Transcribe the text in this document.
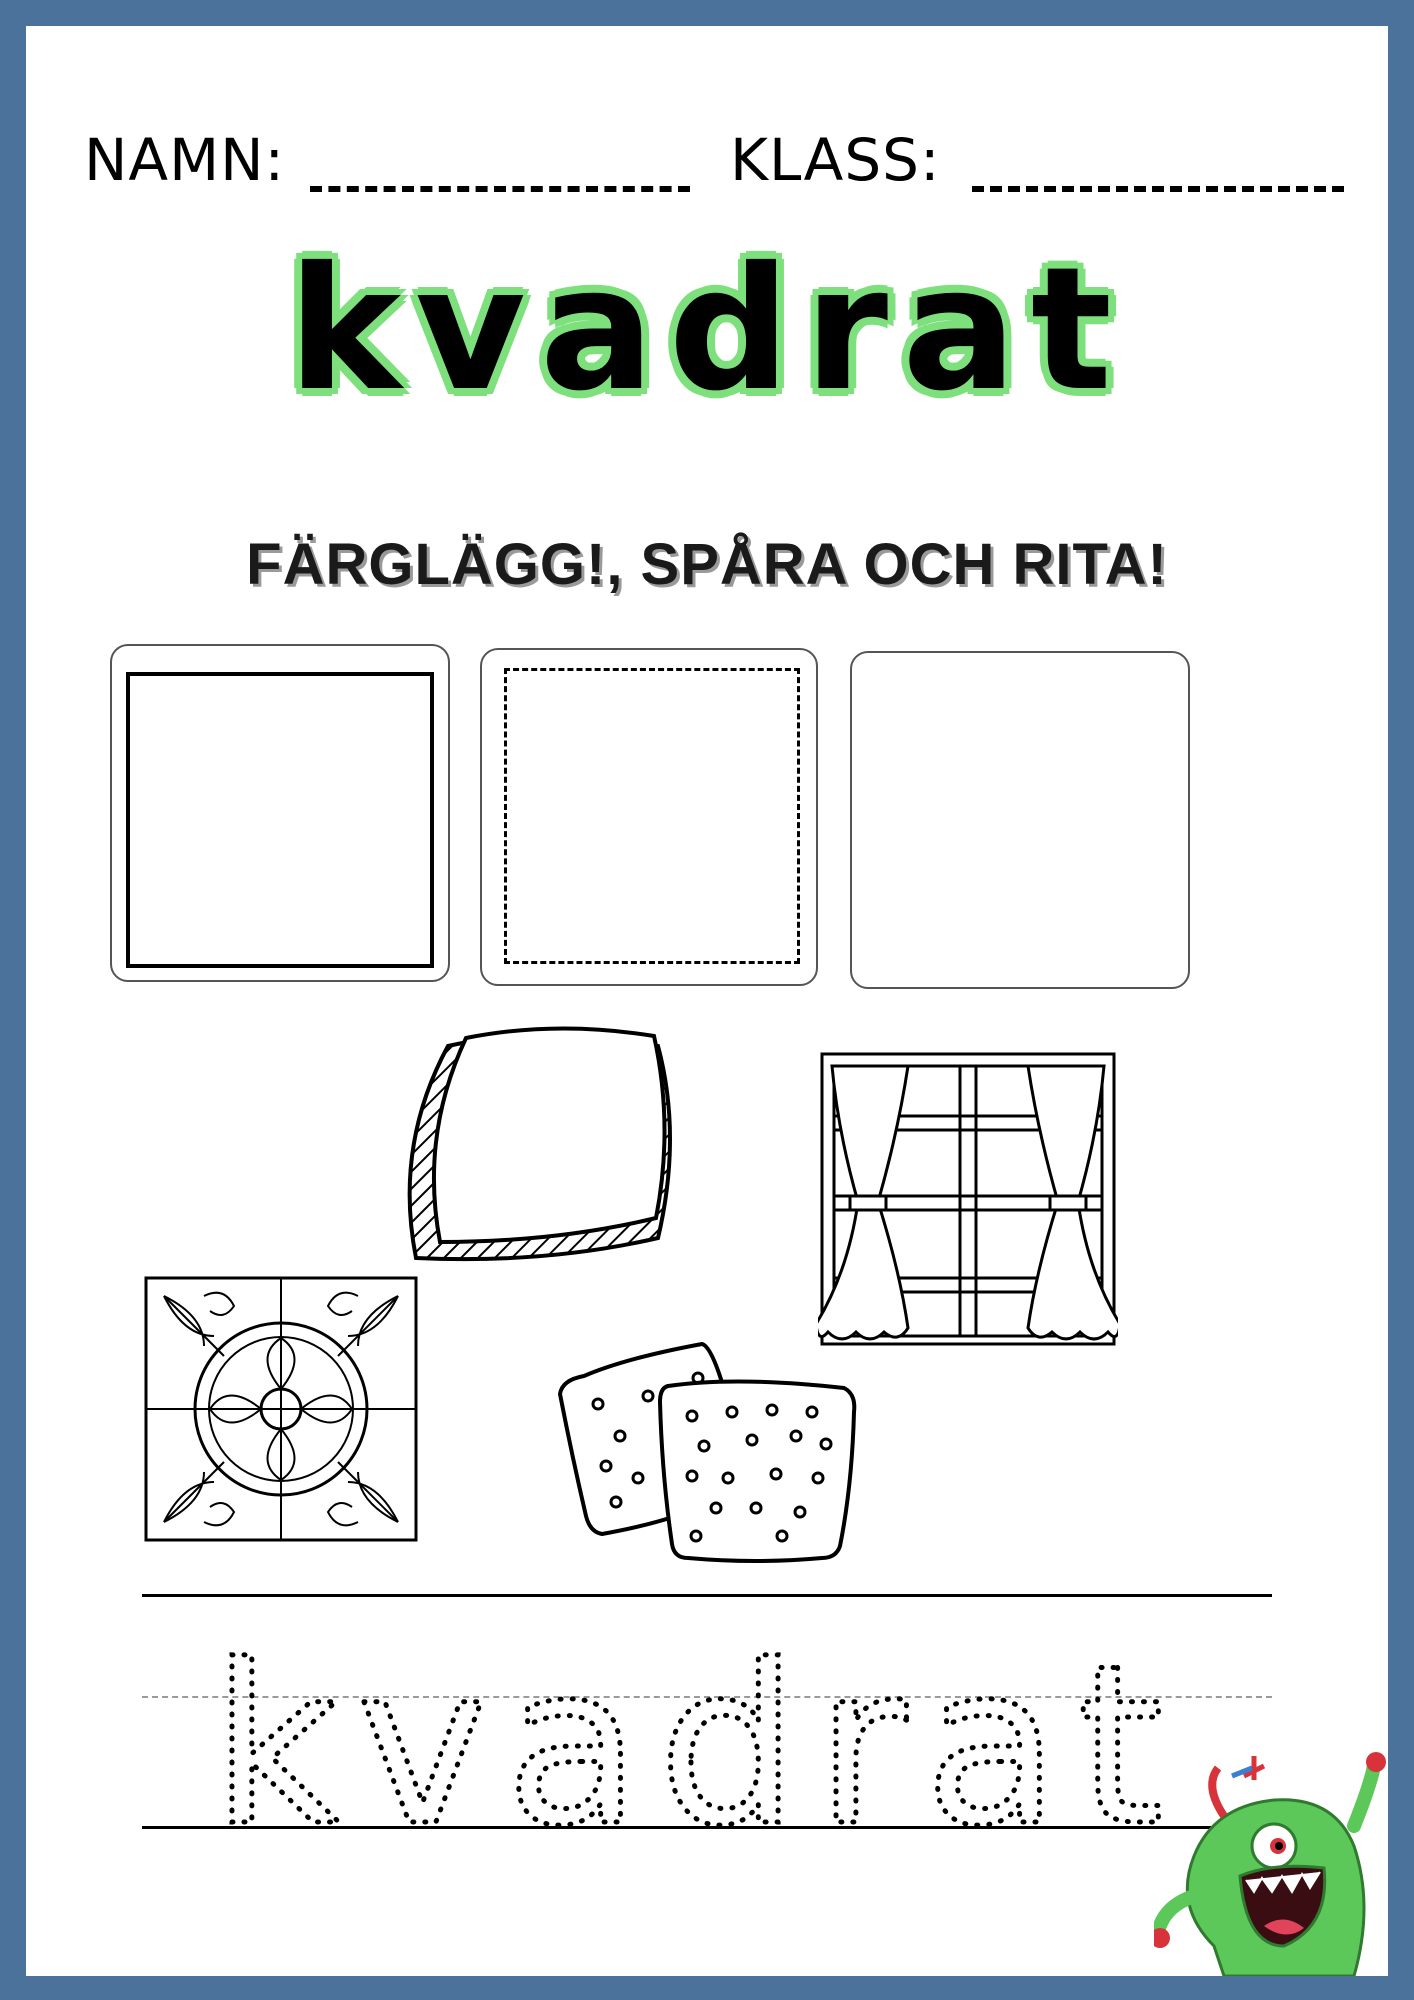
NAMN:	KLASS:
kvadrat
FÄRGLÄGG!, SPÅRA OCH RITA!
kvadrat
